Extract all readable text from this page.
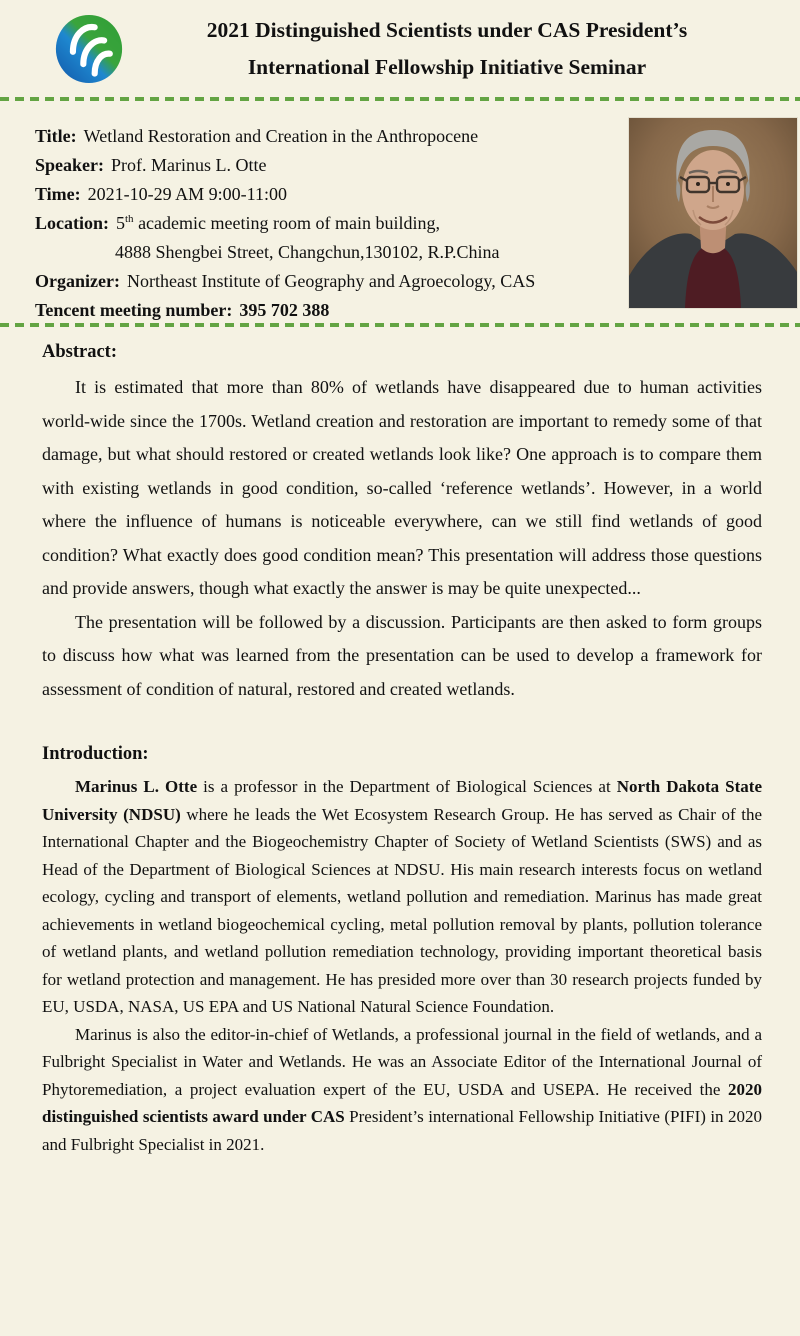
2021 Distinguished Scientists under CAS President’s
International Fellowship Initiative Seminar
Title: Wetland Restoration and Creation in the Anthropocene
Speaker: Prof. Marinus L. Otte
Time: 2021-10-29 AM 9:00-11:00
Location: 5th academic meeting room of main building,
4888 Shengbei Street, Changchun,130102, R.P.China
Organizer: Northeast Institute of Geography and Agroecology, CAS
Tencent meeting number: 395 702 388
Abstract:

It is estimated that more than 80% of wetlands have disappeared due to human activities world-wide since the 1700s. Wetland creation and restoration are important to remedy some of that damage, but what should restored or created wetlands look like? One approach is to compare them with existing wetlands in good condition, so-called ‘reference wetlands’. However, in a world where the influence of humans is noticeable everywhere, can we still find wetlands of good condition? What exactly does good condition mean? This presentation will address those questions and provide answers, though what exactly the answer is may be quite unexpected...

The presentation will be followed by a discussion. Participants are then asked to form groups to discuss how what was learned from the presentation can be used to develop a framework for assessment of condition of natural, restored and created wetlands.

Introduction:

Marinus L. Otte is a professor in the Department of Biological Sciences at North Dakota State University (NDSU) where he leads the Wet Ecosystem Research Group. He has served as Chair of the International Chapter and the Biogeochemistry Chapter of Society of Wetland Scientists (SWS) and as Head of the Department of Biological Sciences at NDSU. His main research interests focus on wetland ecology, cycling and transport of elements, wetland pollution and remediation. Marinus has made great achievements in wetland biogeochemical cycling, metal pollution removal by plants, pollution tolerance of wetland plants, and wetland pollution remediation technology, providing important theoretical basis for wetland protection and management. He has presided more over than 30 research projects funded by EU, USDA, NASA, US EPA and US National Natural Science Foundation.

Marinus is also the editor-in-chief of Wetlands, a professional journal in the field of wetlands, and a Fulbright Specialist in Water and Wetlands. He was an Associate Editor of the International Journal of Phytoremediation, a project evaluation expert of the EU, USDA and USEPA. He received the 2020 distinguished scientists award under CAS President’s international Fellowship Initiative (PIFI) in 2020 and Fulbright Specialist in 2021.
